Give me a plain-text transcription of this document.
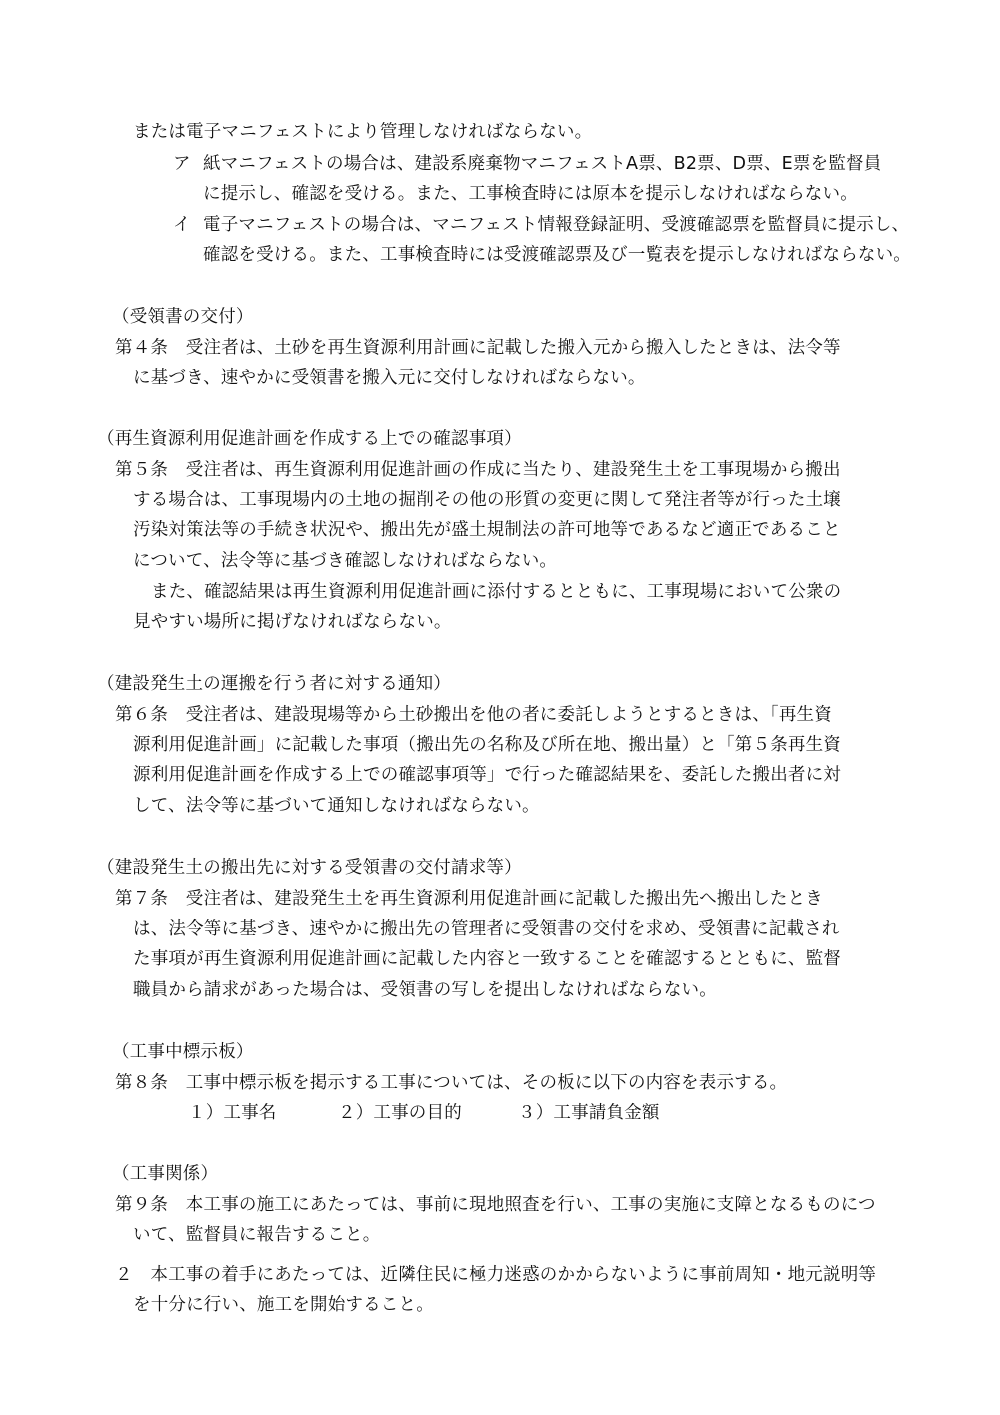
または電子マニフェストにより管理しなければならない。
ア 紙マニフェストの場合は、建設系廃棄物マニフェストA票、B2票、D票、E票を監督員
に提示し、確認を受ける。また、工事検査時には原本を提示しなければならない。
イ 電子マニフェストの場合は、マニフェスト情報登録証明、受渡確認票を監督員に提示し、
確認を受ける。また、工事検査時には受渡確認票及び一覧表を提示しなければならない。
（受領書の交付）
第４条　受注者は、土砂を再生資源利用計画に記載した搬入元から搬入したときは、法令等
に基づき、速やかに受領書を搬入元に交付しなければならない。
（再生資源利用促進計画を作成する上での確認事項）
第５条　受注者は、再生資源利用促進計画の作成に当たり、建設発生土を工事現場から搬出
する場合は、工事現場内の土地の掘削その他の形質の変更に関して発注者等が行った土壌
汚染対策法等の手続き状況や、搬出先が盛土規制法の許可地等であるなど適正であること
について、法令等に基づき確認しなければならない。
また、確認結果は再生資源利用促進計画に添付するとともに、工事現場において公衆の
見やすい場所に掲げなければならない。
（建設発生土の運搬を行う者に対する通知）
第６条　受注者は、建設現場等から土砂搬出を他の者に委託しようとするときは、「再生資
源利用促進計画」に記載した事項（搬出先の名称及び所在地、搬出量）と「第５条再生資
源利用促進計画を作成する上での確認事項等」で行った確認結果を、委託した搬出者に対
して、法令等に基づいて通知しなければならない。
（建設発生土の搬出先に対する受領書の交付請求等）
第７条　受注者は、建設発生土を再生資源利用促進計画に記載した搬出先へ搬出したとき
は、法令等に基づき、速やかに搬出先の管理者に受領書の交付を求め、受領書に記載され
た事項が再生資源利用促進計画に記載した内容と一致することを確認するとともに、監督
職員から請求があった場合は、受領書の写しを提出しなければならない。
（工事中標示板）
第８条　工事中標示板を掲示する工事については、その板に以下の内容を表示する。
１）工事名	２）工事の目的	３）工事請負金額
（工事関係）
第９条　本工事の施工にあたっては、事前に現地照査を行い、工事の実施に支障となるものにつ
いて、監督員に報告すること。
２　本工事の着手にあたっては、近隣住民に極力迷惑のかからないように事前周知・地元説明等
を十分に行い、施工を開始すること。
